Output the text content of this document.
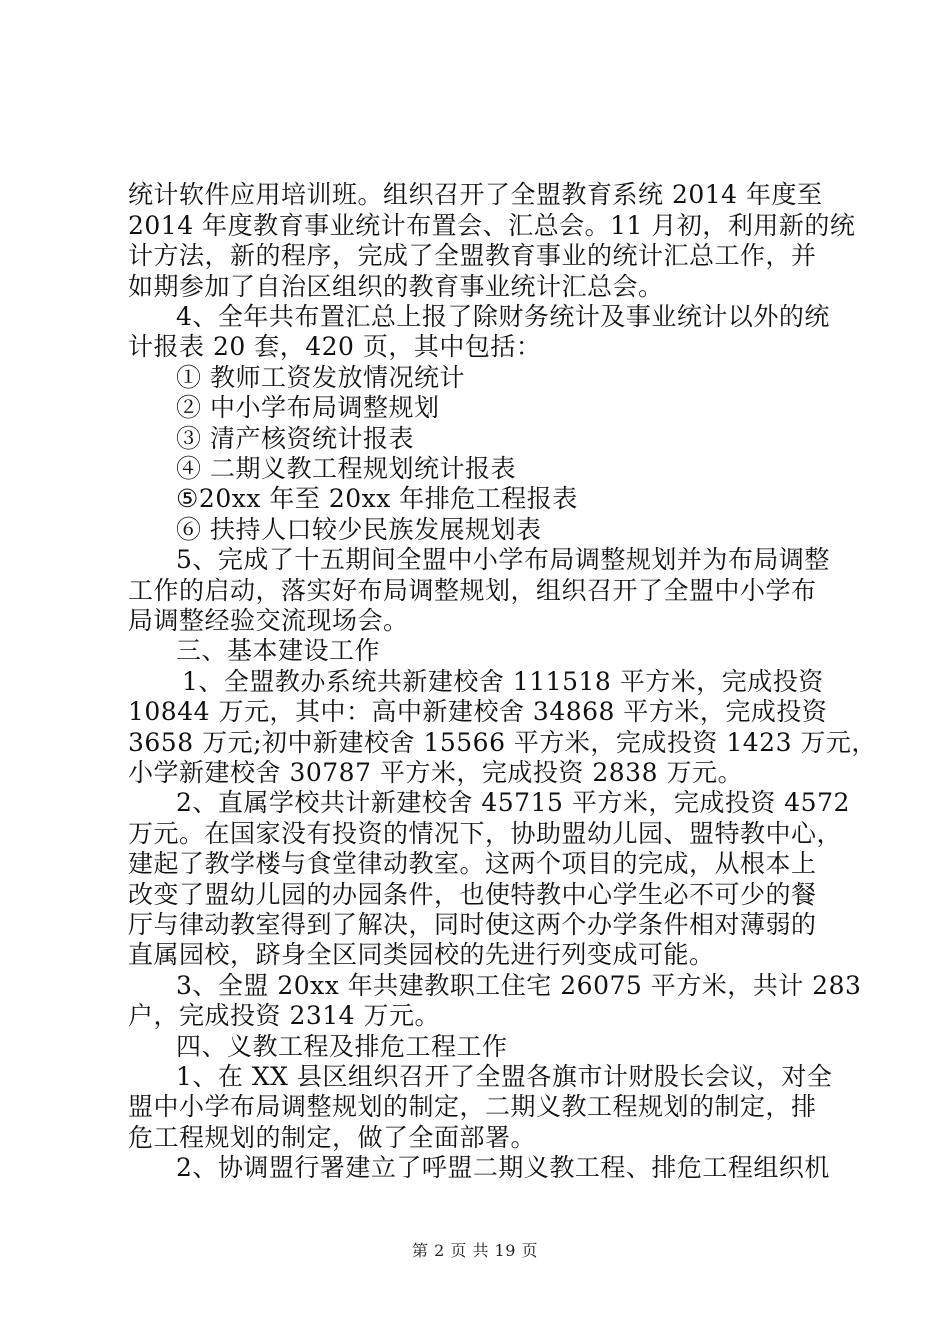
统计软件应用培训班。组织召开了全盟教育系统 2014 年度至
2014 年度教育事业统计布置会、汇总会。11 月初，利用新的统
计方法，新的程序，完成了全盟教育事业的统计汇总工作，并
如期参加了自治区组织的教育事业统计汇总会。
4、全年共布置汇总上报了除财务统计及事业统计以外的统
计报表 20 套，420 页，其中包括：
① 教师工资发放情况统计
② 中小学布局调整规划
③ 清产核资统计报表
④ 二期义教工程规划统计报表
⑤20xx 年至 20xx 年排危工程报表
⑥ 扶持人口较少民族发展规划表
5、完成了十五期间全盟中小学布局调整规划并为布局调整
工作的启动，落实好布局调整规划，组织召开了全盟中小学布
局调整经验交流现场会。
三、基本建设工作
1、全盟教办系统共新建校舍 111518 平方米，完成投资
10844 万元，其中：高中新建校舍 34868 平方米，完成投资
3658 万元;初中新建校舍 15566 平方米，完成投资 1423 万元，
小学新建校舍 30787 平方米，完成投资 2838 万元。
2、直属学校共计新建校舍 45715 平方米，完成投资 4572
万元。在国家没有投资的情况下，协助盟幼儿园、盟特教中心，
建起了教学楼与食堂律动教室。这两个项目的完成，从根本上
改变了盟幼儿园的办园条件，也使特教中心学生必不可少的餐
厅与律动教室得到了解决，同时使这两个办学条件相对薄弱的
直属园校，跻身全区同类园校的先进行列变成可能。
3、全盟 20xx 年共建教职工住宅 26075 平方米，共计 283
户，完成投资 2314 万元。
四、义教工程及排危工程工作
1、在 XX 县区组织召开了全盟各旗市计财股长会议，对全
盟中小学布局调整规划的制定，二期义教工程规划的制定，排
危工程规划的制定，做了全面部署。
2、协调盟行署建立了呼盟二期义教工程、排危工程组织机
第 2 页 共 19 页
